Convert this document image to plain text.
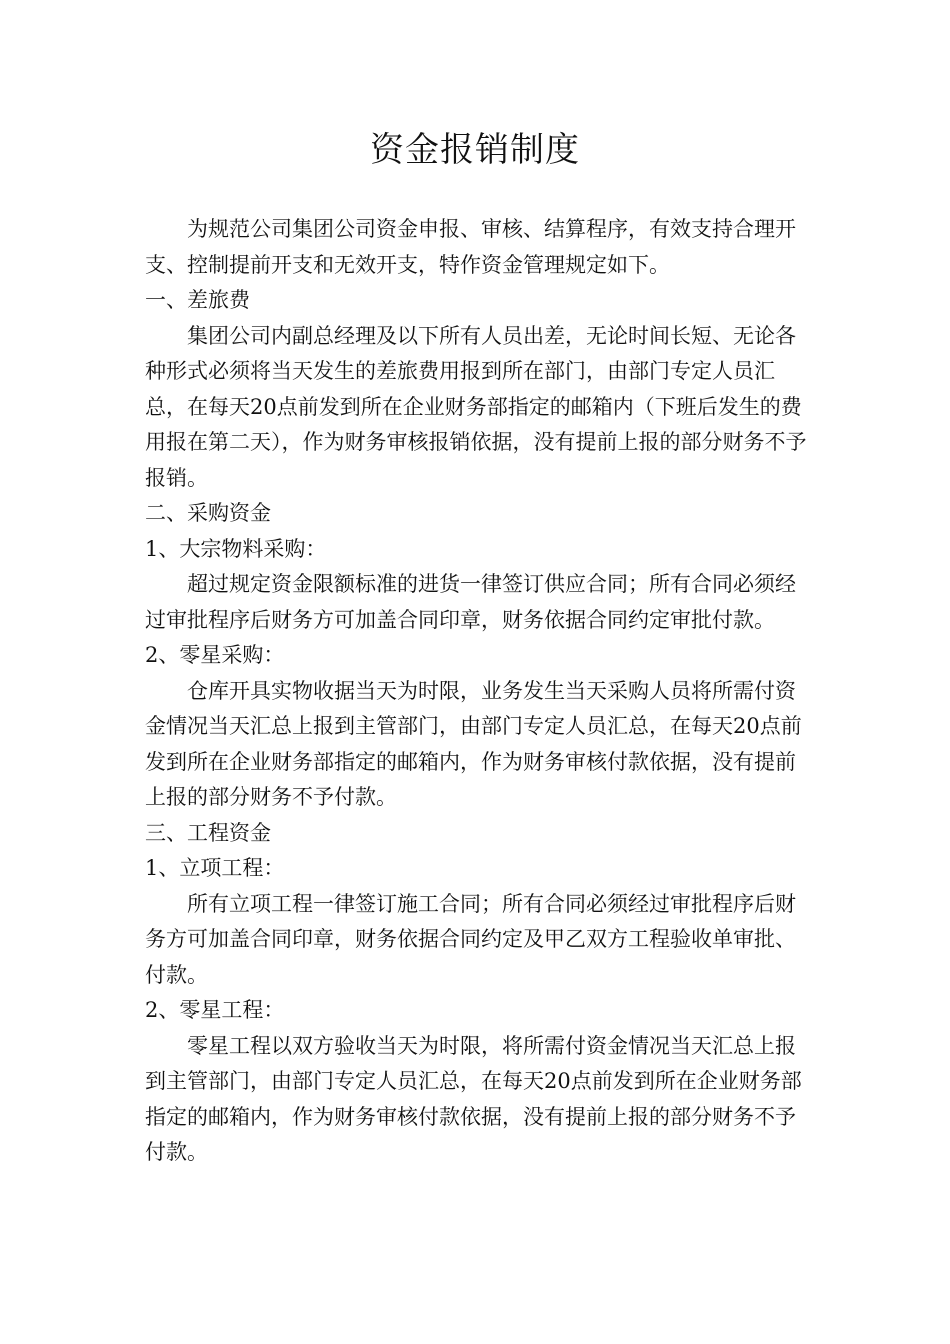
资金报销制度

为规范公司集团公司资金申报、审核、结算程序，有效支持合理开支、控制提前开支和无效开支，特作资金管理规定如下。

一、差旅费

集团公司内副总经理及以下所有人员出差，无论时间长短、无论各种形式必须将当天发生的差旅费用报到所在部门，由部门专定人员汇总，在每天20点前发到所在企业财务部指定的邮箱内（下班后发生的费用报在第二天），作为财务审核报销依据，没有提前上报的部分财务不予报销。

二、采购资金

1、大宗物料采购：

超过规定资金限额标准的进货一律签订供应合同；所有合同必须经过审批程序后财务方可加盖合同印章，财务依据合同约定审批付款。

2、零星采购：

仓库开具实物收据当天为时限，业务发生当天采购人员将所需付资金情况当天汇总上报到主管部门，由部门专定人员汇总，在每天20点前发到所在企业财务部指定的邮箱内，作为财务审核付款依据，没有提前上报的部分财务不予付款。

三、工程资金

1、立项工程：

所有立项工程一律签订施工合同；所有合同必须经过审批程序后财务方可加盖合同印章，财务依据合同约定及甲乙双方工程验收单审批、付款。

2、零星工程：

零星工程以双方验收当天为时限，将所需付资金情况当天汇总上报到主管部门，由部门专定人员汇总，在每天20点前发到所在企业财务部指定的邮箱内，作为财务审核付款依据，没有提前上报的部分财务不予付款。
